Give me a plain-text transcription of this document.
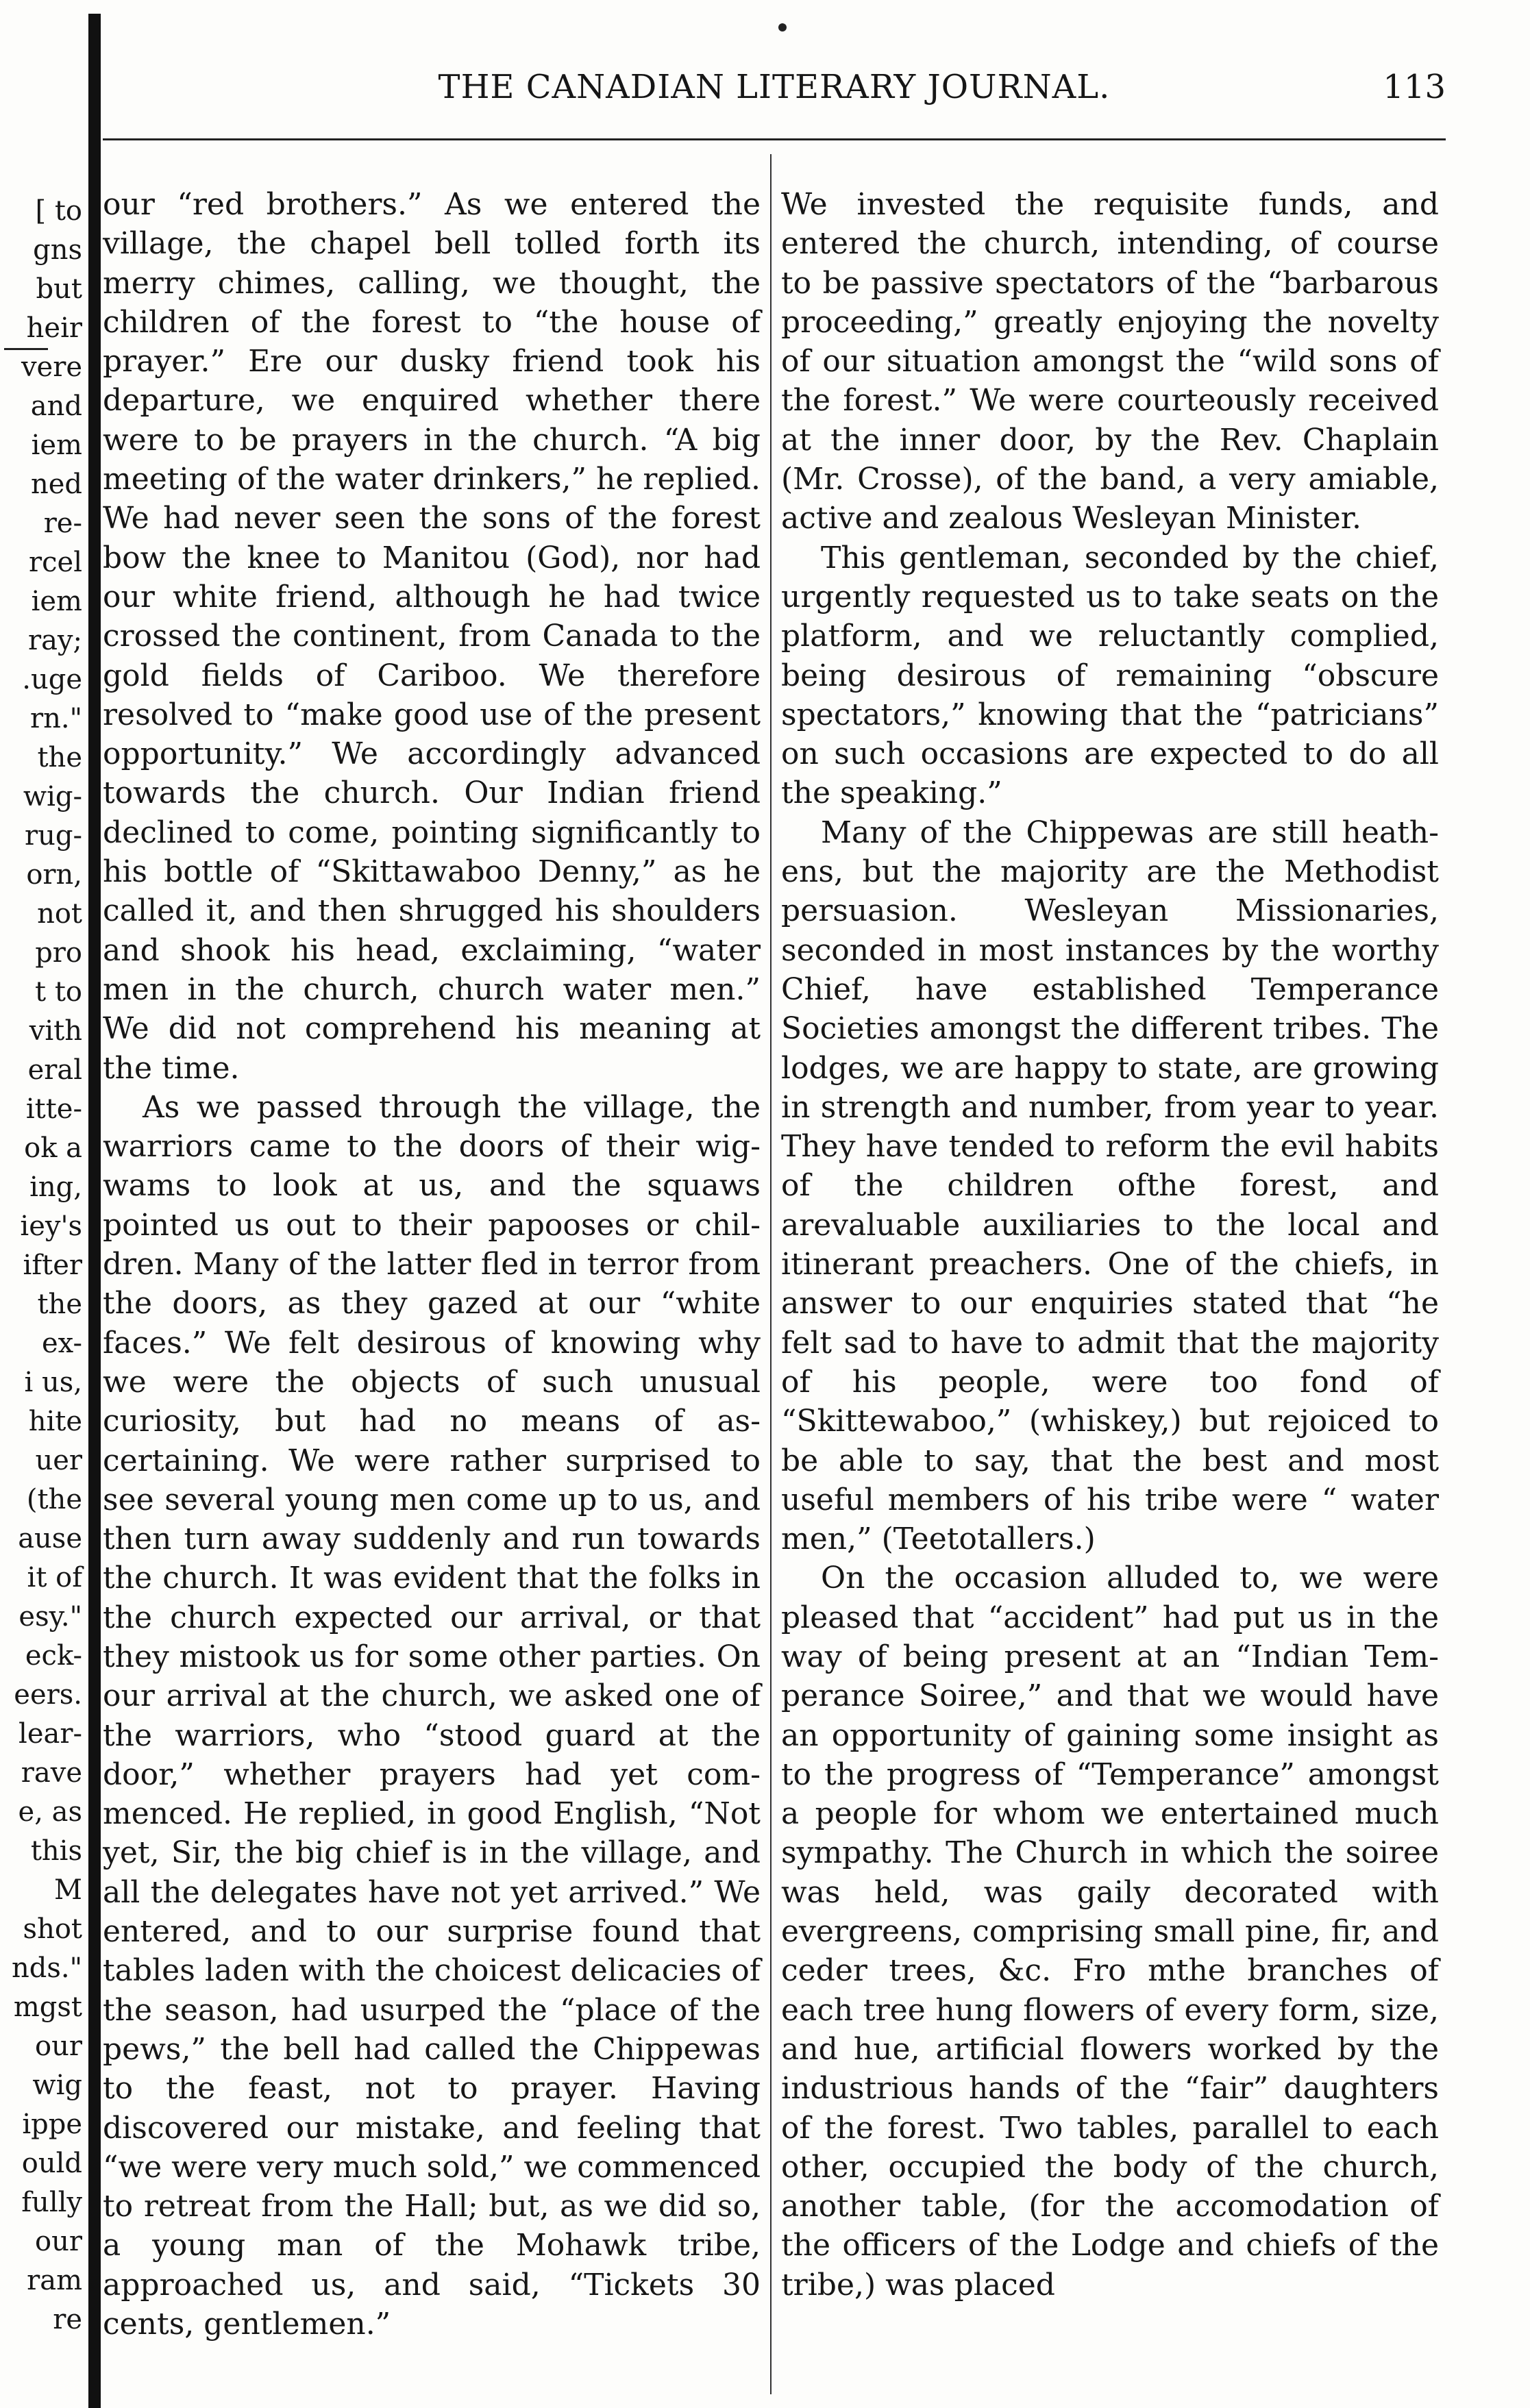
[ to
gns
but
heir
vere
and
iem
ned
re-
rcel
iem
ray;
.uge
rn."
the
wig-
rug-
orn,
not
pro
t to
vith
eral
itte-
ok a
ing,
iey's
ifter
the
ex-
i us,
hite
uer
(the
ause
it of
esy."
eck-
eers.
lear-
rave
e, as
this
M
shot
nds."
mgst
our
wig
ippe
ould
fully
our
ram
re
THE CANADIAN LITERARY JOURNAL.	113

our “red brothers.” As we entered the village, the chapel bell tolled forth its merry chimes, calling, we thought, the children of the forest to “the house of prayer.” Ere our dusky friend took his departure, we enquired whether there were to be prayers in the church. “A big meeting of the water drinkers,” he replied. We had never seen the sons of the forest bow the knee to Manitou (God), nor had our white friend, although he had twice crossed the continent, from Canada to the gold fields of Cariboo. We therefore resolved to “make good use of the present opportunity.” We accordingly advanced towards the church. Our Indian friend declined to come, pointing significantly to his bottle of “Skittawaboo Denny,” as he called it, and then shrugged his shoulders and shook his head, exclaiming, “water men in the church, church water men.” We did not comprehend his meaning at the time.

As we passed through the village, the warriors came to the doors of their wigwams to look at us, and the squaws pointed us out to their papooses or children. Many of the latter fled in terror from the doors, as they gazed at our “white faces.” We felt desirous of knowing why we were the objects of such unusual curiosity, but had no means of ascertaining. We were rather surprised to see several young men come up to us, and then turn away suddenly and run towards the church. It was evident that the folks in the church expected our arrival, or that they mistook us for some other parties. On our arrival at the church, we asked one of the warriors, who “stood guard at the door,” whether prayers had yet commenced. He replied, in good English, “Not yet, Sir, the big chief is in the village, and all the delegates have not yet arrived.” We entered, and to our surprise found that tables laden with the choicest delicacies of the season, had usurped the “place of the pews,” the bell had called the Chippewas to the feast, not to prayer. Having discovered our mistake, and feeling that “we were very much sold,” we commenced to retreat from the Hall; but, as we did so, a young man of the Mohawk tribe, approached us, and said, “Tickets 30 cents, gentlemen.”

We invested the requisite funds, and entered the church, intending, of course to be passive spectators of the “barbarous proceeding,” greatly enjoying the novelty of our situation amongst the “wild sons of the forest.” We were courteously received at the inner door, by the Rev. Chaplain (Mr. Crosse), of the band, a very amiable, active and zealous Wesleyan Minister.

This gentleman, seconded by the chief, urgently requested us to take seats on the platform, and we reluctantly complied, being desirous of remaining “obscure spectators,” knowing that the “patricians” on such occasions are expected to do all the speaking.”

Many of the Chippewas are still heathens, but the majority are the Methodist persuasion. Wesleyan Missionaries, seconded in most instances by the worthy Chief, have established Temperance Societies amongst the different tribes. The lodges, we are happy to state, are growing in strength and number, from year to year. They have tended to reform the evil habits of the children ofthe forest, and arevaluable auxiliaries to the local and itinerant preachers. One of the chiefs, in answer to our enquiries stated that “he felt sad to have to admit that the majority of his people, were too fond of “Skittewaboo,” (whiskey,) but rejoiced to be able to say, that the best and most useful members of his tribe were “ water men,” (Teetotallers.)

On the occasion alluded to, we were pleased that “accident” had put us in the way of being present at an “Indian Temperance Soiree,” and that we would have an opportunity of gaining some insight as to the progress of “Temperance” amongst a people for whom we entertained much sympathy. The Church in which the soiree was held, was gaily decorated with evergreens, comprising small pine, fir, and ceder trees, &c. Fro mthe branches of each tree hung flowers of every form, size, and hue, artificial flowers worked by the industrious hands of the “fair” daughters of the forest. Two tables, parallel to each other, occupied the body of the church, another table, (for the accomodation of the officers of the Lodge and chiefs of the tribe,) was placed
